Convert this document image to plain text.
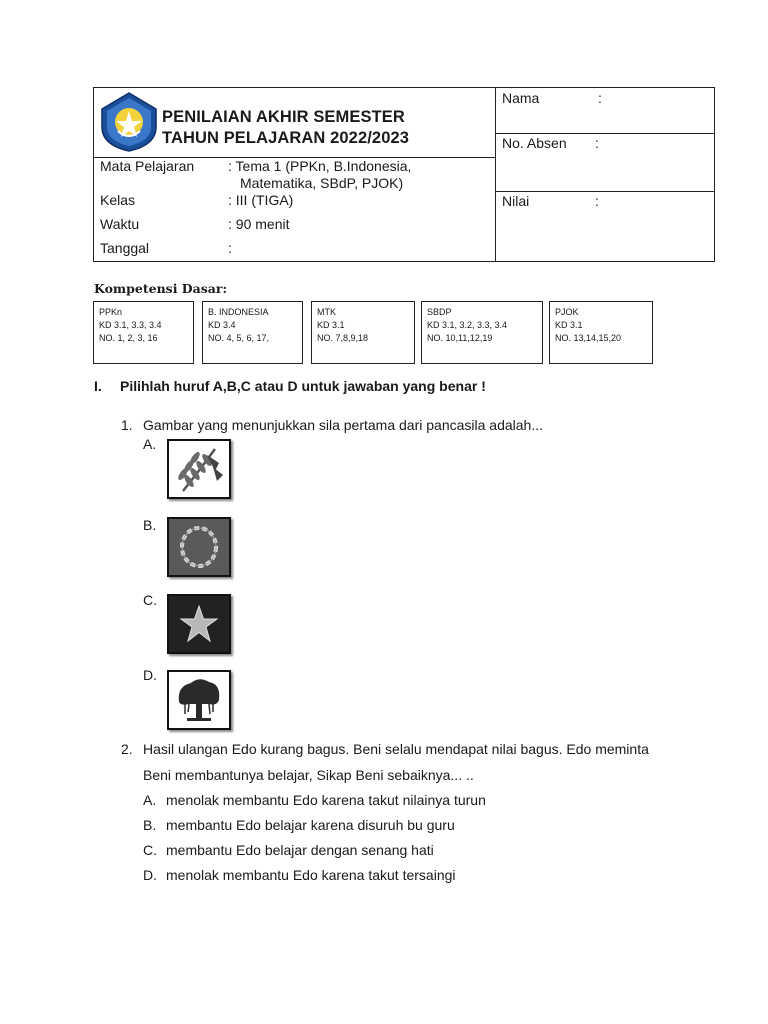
PENILAIAN AKHIR SEMESTER
TAHUN PELAJARAN 2022/2023
Mata Pelajaran : Tema 1 (PPKn, B.Indonesia,
Matematika, SBdP, PJOK)
Kelas	: III (TIGA)
Waktu	: 90 menit
Tanggal	:
Nama	:
No. Absen :
Nilai	:
Kompetensi Dasar:
PPKn
KD 3.1, 3.3, 3.4
NO. 1, 2, 3, 16
B. INDONESIA
KD 3.4
NO. 4, 5, 6, 17,
MTK
KD 3.1
NO. 7,8,9,18
SBDP
KD 3.1, 3.2, 3.3, 3.4
NO. 10,11,12,19
PJOK
KD 3.1
NO. 13,14,15,20
I. Pilihlah huruf A,B,C atau D untuk jawaban yang benar !
1. Gambar yang menunjukkan sila pertama dari pancasila adalah...
A.
B.
C.
D.
2. Hasil ulangan Edo kurang bagus. Beni selalu mendapat nilai bagus. Edo meminta
Beni membantunya belajar, Sikap Beni sebaiknya... ..
A. menolak membantu Edo karena takut nilainya turun
B. membantu Edo belajar karena disuruh bu guru
C. membantu Edo belajar dengan senang hati
D. menolak membantu Edo karena takut tersaingi
